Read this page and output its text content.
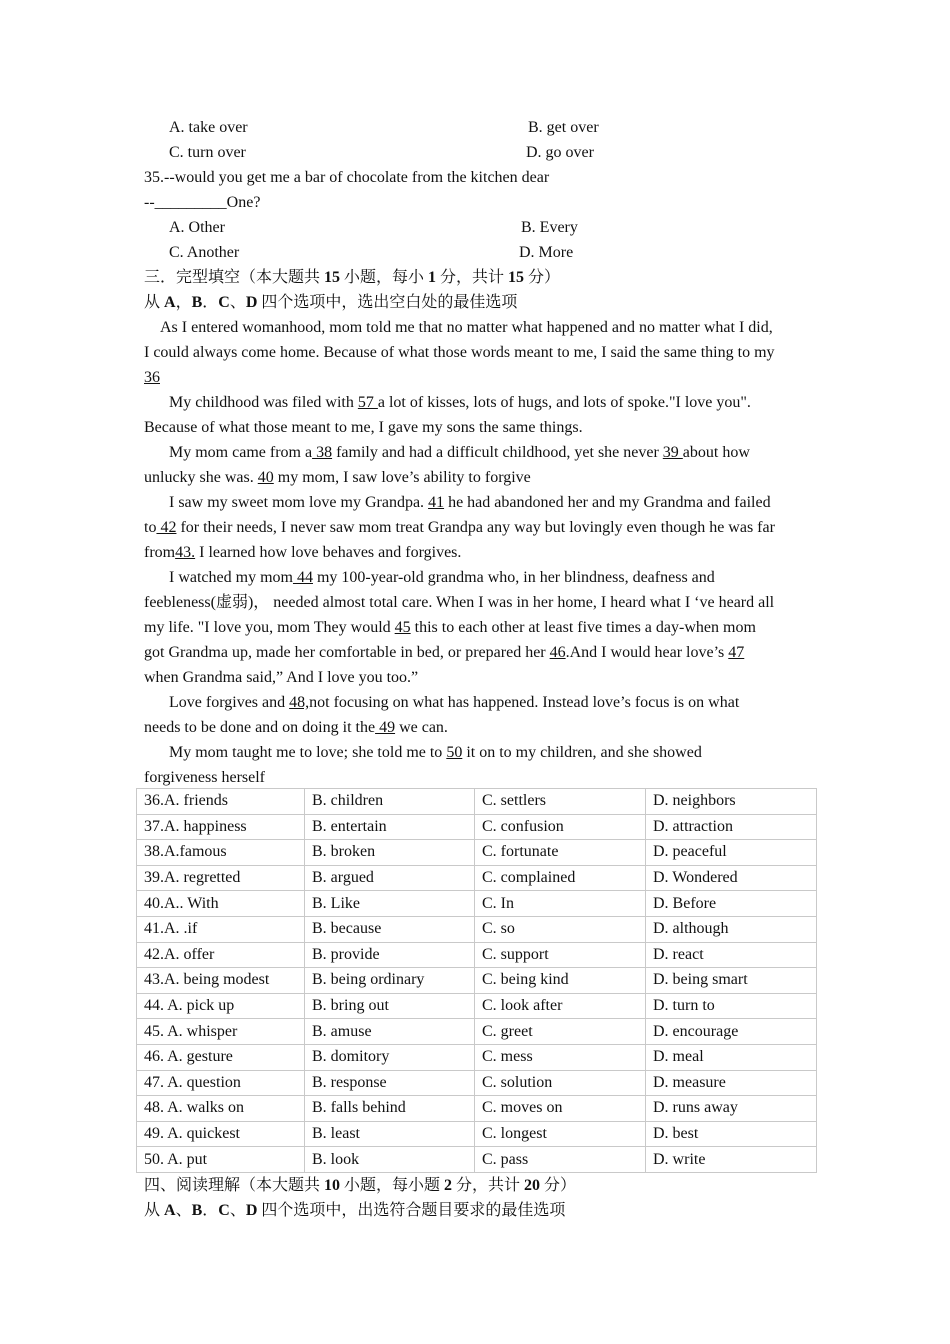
A. take over	B. get over
C. turn over	D. go over
35.--would you get me a bar of chocolate from the kitchen dear
--_________One?
A. Other	B. Every
C. Another	D. More
三．完型填空（本大题共 15 小题，每小 1 分，共计 15 分）
从 A，B．C、D 四个选项中，选出空白处的最佳选项
As I entered womanhood, mom told me that no matter what happened and no matter what I did,
I could always come home. Because of what those words meant to me, I said the same thing to my
36
My childhood was filed with 57 a lot of kisses, lots of hugs, and lots of spoke."I love you".
Because of what those meant to me, I gave my sons the same things.
My mom came from a 38 family and had a difficult childhood, yet she never 39 about how
unlucky she was. 40 my mom, I saw love’s ability to forgive
I saw my sweet mom love my Grandpa. 41 he had abandoned her and my Grandma and failed
to 42 for their needs, I never saw mom treat Grandpa any way but lovingly even though he was far
from43. I learned how love behaves and forgives.
I watched my mom 44 my 100-year-old grandma who, in her blindness, deafness and
feebleness(虚弱)， needed almost total care. When I was in her home, I heard what I ‘ve heard all
my life. "I love you, mom They would 45 this to each other at least five times a day-when mom
got Grandma up, made her comfortable in bed, or prepared her 46.And I would hear love’s 47
when Grandma said,” And I love you too.”
Love forgives and 48,not focusing on what has happened. Instead love’s focus is on what
needs to be done and on doing it the 49 we can.
My mom taught me to love; she told me to 50 it on to my children, and she showed
forgiveness herself
36.A. friends	B. children	C. settlers	D. neighbors
37.A. happiness	B. entertain	C. confusion	D. attraction
38.A.famous	B. broken	C. fortunate	D. peaceful
39.A. regretted	B. argued	C. complained	D. Wondered
40.A.. With	B. Like	C. In	D. Before
41.A. .if	B. because	C. so	D. although
42.A. offer	B. provide	C. support	D. react
43.A. being modest	B. being ordinary	C. being kind	D. being smart
44. A. pick up	B. bring out	C. look after	D. turn to
45. A. whisper	B. amuse	C. greet	D. encourage
46. A. gesture	B. domitory	C. mess	D. meal
47. A. question	B. response	C. solution	D. measure
48. A. walks on	B. falls behind	C. moves on	D. runs away
49. A. quickest	B. least	C. longest	D. best
50. A. put	B. look	C. pass	D. write
四、阅读理解（本大题共 10 小题，每小题 2 分，共计 20 分）
从 A、B．C、D 四个选项中，出选符合题目要求的最佳选项
